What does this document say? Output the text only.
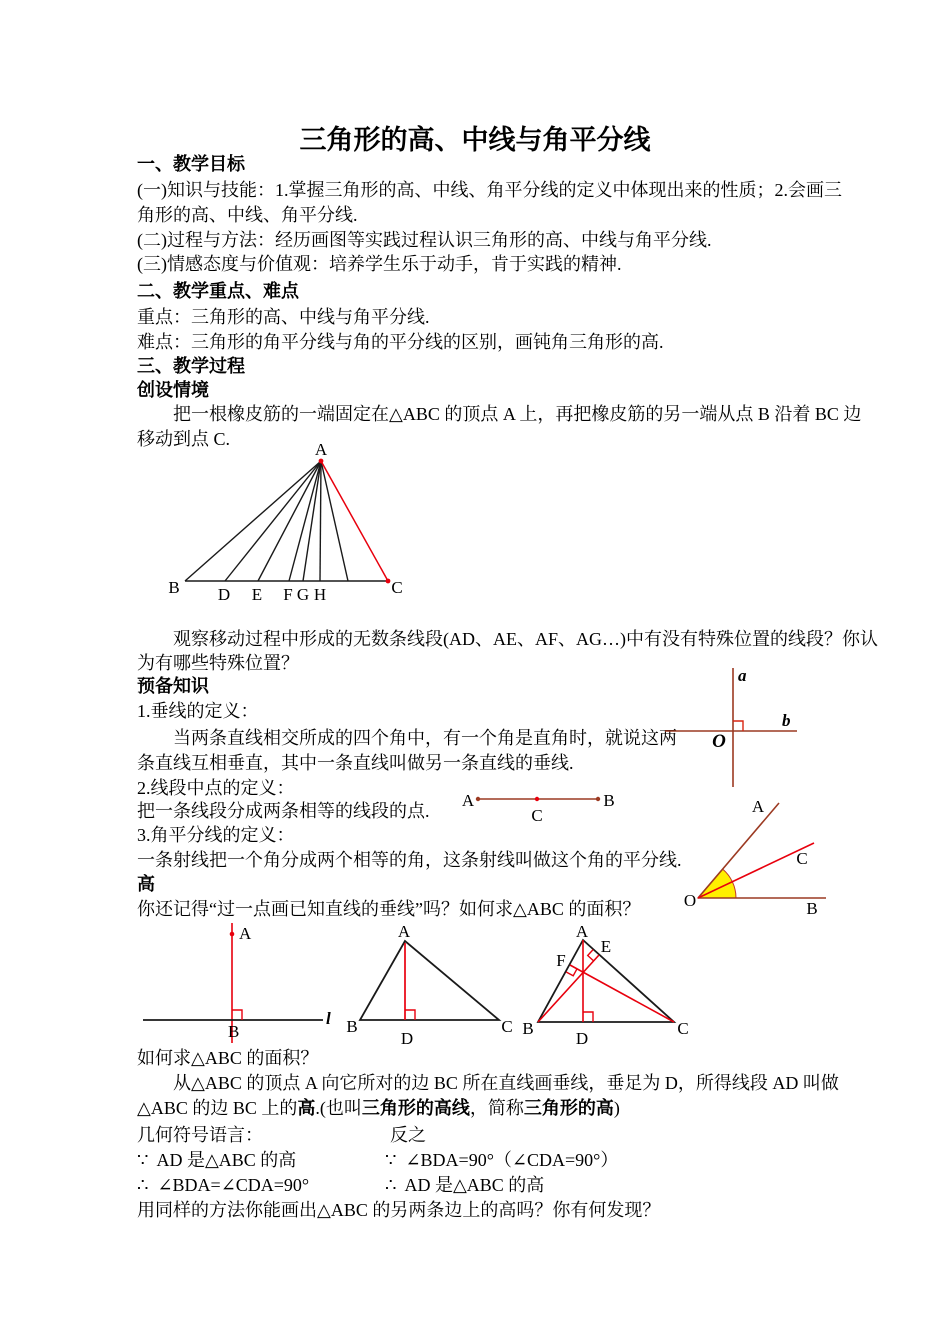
三角形的高、中线与角平分线
一、教学目标
(一)知识与技能：1.掌握三角形的高、中线、角平分线的定义中体现出来的性质；2.会画三
角形的高、中线、角平分线.
(二)过程与方法：经历画图等实践过程认识三角形的高、中线与角平分线.
(三)情感态度与价值观：培养学生乐于动手，肯于实践的精神.
二、教学重点、难点
重点：三角形的高、中线与角平分线.
难点：三角形的角平分线与角的平分线的区别，画钝角三角形的高.
三、教学过程
创设情境
把一根橡皮筋的一端固定在△ABC 的顶点 A 上，再把橡皮筋的另一端从点 B 沿着 BC 边
移动到点 C.
A
B D E F G H	C
观察移动过程中形成的无数条线段(AD、AE、AF、AG…)中有没有特殊位置的线段？你认
为有哪些特殊位置？
预备知识
1.垂线的定义：
当两条直线相交所成的四个角中，有一个角是直角时，就说这两
条直线互相垂直，其中一条直线叫做另一条直线的垂线.
2.线段中点的定义：
把一条线段分成两条相等的线段的点.
3.角平分线的定义：
一条射线把一个角分成两个相等的角，这条射线叫做这个角的平分线.
a
b
O
A	B
C	A
C
B
O
高
你还记得“过一点画已知直线的垂线”吗？如何求△ABC 的面积？
A
B
l
A
B	C
D
A
B	C
D
E
F
如何求△ABC 的面积？
从△ABC 的顶点 A 向它所对的边 BC 所在直线画垂线，垂足为 D，所得线段 AD 叫做
△ABC 的边 BC 上的高.(也叫三角形的高线，简称三角形的高)
几何符号语言：	反之
∵  AD 是△ABC 的高	∵  ∠BDA=90°（∠CDA=90°）
∴  ∠BDA=∠CDA=90°	∴  AD 是△ABC 的高
用同样的方法你能画出△ABC 的另两条边上的高吗？你有何发现？
